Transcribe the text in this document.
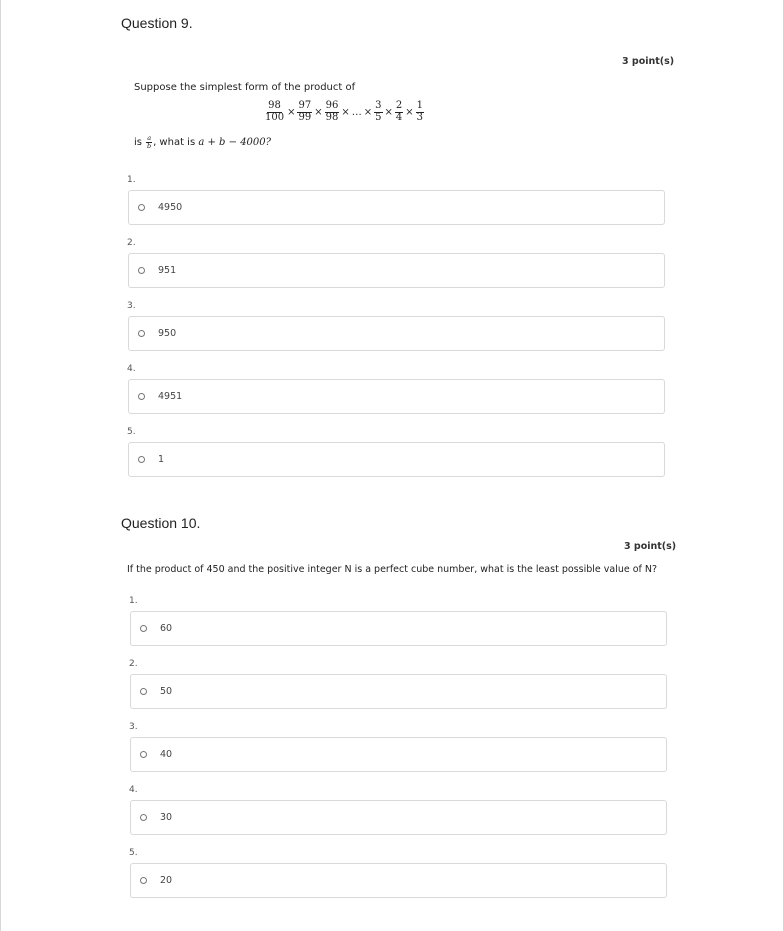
Question 9.
3 point(s)
Suppose the simplest form of the product of
$\frac{98}{100} \times \frac{97}{99} \times \frac{96}{98}$ × … × $\frac{3}{5} \times \frac{2}{4} \times \frac{1}{3}$
is $\frac{a}{b}$ , what is a + b − 4000?
1.
4950
2.
951
3.
950
4.
4951
5.
1
Question 10.
3 point(s)
If the product of 450 and the positive integer N is a perfect cube number, what is the least possible value of N?
1.
60
2.
50
3.
40
4.
30
5.
20
